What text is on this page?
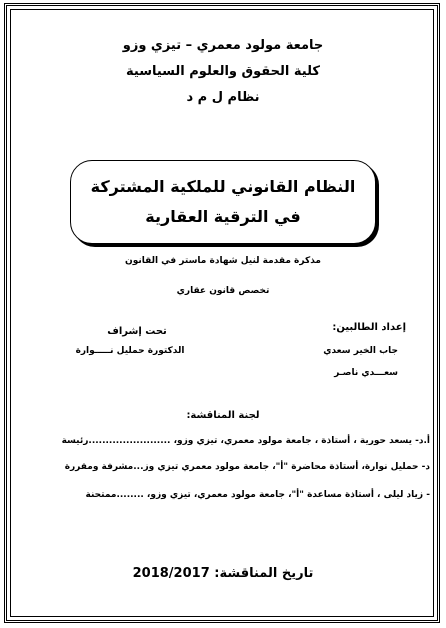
جامعة مولود معمري – تيزي وزو
كلية الحقوق والعلوم السياسية
نظام ل م د
النظام القانوني للملكية المشتركة
في الترقية العقارية
مذكرة مقدمة لنيل شهادة ماستر في القانون
تخصص قانون عقاري
إعداد الطالبين:
جاب الخير سعدي
سعـــدي ناصـر
تحت إشراف
الدكتورة حمليل نـــــوارة
لجنة المناقشة:
أ.د- يسعد حورية ، أستاذة ، جامعة مولود معمري، تيزي وزو، ........................رئيسة
د- حمليل نوارة، أستاذة محاضرة "أ"، جامعة مولود معمري تيزي وز...مشرفة ومقررة
- زياد ليلى ، أستاذة مساعدة "أ"، جامعة مولود معمري، تيزي وزو، ........ممتحنة
تاريخ المناقشة: 2018/2017
